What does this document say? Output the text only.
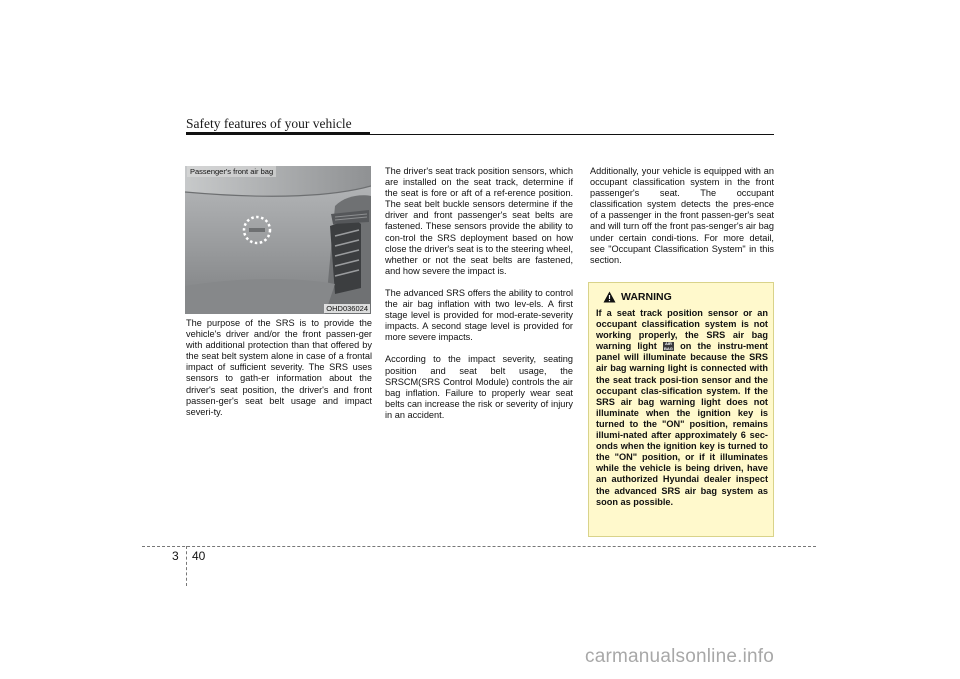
Safety features of your vehicle
Passenger's front air bag
OHD036024

The purpose of the SRS is to provide the vehicle's driver and/or the front passen-ger with additional protection than that offered by the seat belt system alone in case of a frontal impact of sufficient severity. The SRS uses sensors to gath-er information about the driver's seat position, the driver's and front passen-ger's seat belt usage and impact severi-ty.

The driver's seat track position sensors, which are installed on the seat track, determine if the seat is fore or aft of a ref-erence position. The seat belt buckle sensors determine if the driver and front passenger's seat belts are fastened. These sensors provide the ability to con-trol the SRS deployment based on how close the driver's seat is to the steering wheel, whether or not the seat belts are fastened, and how severe the impact is.

The advanced SRS offers the ability to control the air bag inflation with two lev-els. A first stage level is provided for mod-erate-severity impacts. A second stage level is provided for more severe impacts.

According to the impact severity, seating position and seat belt usage, the SRSCM(SRS Control Module) controls the air bag inflation. Failure to properly wear seat belts can increase the risk or severity of injury in an accident.

Additionally, your vehicle is equipped with an occupant classification system in the front passenger's seat. The occupant classification system detects the pres-ence of a passenger in the front passen-ger's seat and will turn off the front pas-senger's air bag under certain condi-tions. For more detail, see "Occupant Classification System" in this section.

WARNING
If a seat track position sensor or an occupant classification system is not working properly, the SRS air bag warning light AIR
BAG on the instru-ment panel will illuminate because the SRS air bag warning light is connected with the seat track posi-tion sensor and the occupant clas-sification system. If the SRS air bag warning light does not illuminate when the ignition key is turned to the "ON" position, remains illumi-nated after approximately 6 sec-onds when the ignition key is turned to the "ON" position, or if it illuminates while the vehicle is being driven, have an authorized Hyundai dealer inspect the advanced SRS air bag system as soon as possible.
3 40
carmanualsonline.info
